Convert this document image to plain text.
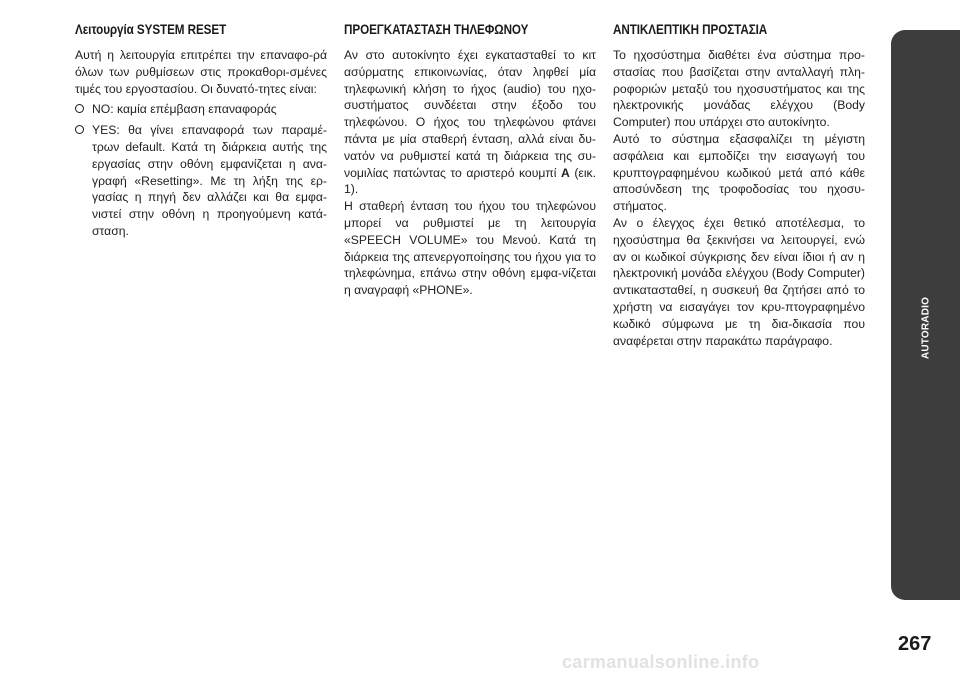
Λειτουργία SYSTEM RESET

Αυτή η λειτουργία επιτρέπει την επαναφο-ρά όλων των ρυθμίσεων στις προκαθορι-σμένες τιμές του εργοστασίου. Οι δυνατό-τητες είναι:

NO: καμία επέμβαση επαναφοράς
YES: θα γίνει επαναφορά των παραμέ-τρων default. Κατά τη διάρκεια αυτής της εργασίας στην οθόνη εμφανίζεται η ανα-γραφή «Resetting». Με τη λήξη της ερ-γασίας η πηγή δεν αλλάζει και θα εμφα-νιστεί στην οθόνη η προηγούμενη κατά-σταση.
ΠΡΟΕΓΚΑΤΑΣΤΑΣΗ ΤΗΛΕΦΩΝΟΥ

Αν στο αυτοκίνητο έχει εγκατασταθεί το κιτ ασύρματης επικοινωνίας, όταν ληφθεί μία τηλεφωνική κλήση το ήχος (audio) του ηχο-συστήματος συνδέεται στην έξοδο του τηλεφώνου. Ο ήχος του τηλεφώνου φτάνει πάντα με μία σταθερή ένταση, αλλά είναι δυ-νατόν να ρυθμιστεί κατά τη διάρκεια της συ-νομιλίας πατώντας το αριστερό κουμπί A (εικ. 1).

Η σταθερή ένταση του ήχου του τηλεφώνου μπορεί να ρυθμιστεί με τη λειτουργία «SPEECH VOLUME» του Μενού. Κατά τη διάρκεια της απενεργοποίησης του ήχου για το τηλεφώνημα, επάνω στην οθόνη εμφα-νίζεται η αναγραφή «PHONE».

ΑΝΤΙΚΛΕΠΤΙΚΗ ΠΡΟΣΤΑΣΙΑ

Το ηχοσύστημα διαθέτει ένα σύστημα προ-στασίας που βασίζεται στην ανταλλαγή πλη-ροφοριών μεταξύ του ηχοσυστήματος και της ηλεκτρονικής μονάδας ελέγχου (Body Computer) που υπάρχει στο αυτοκίνητο.

Αυτό το σύστημα εξασφαλίζει τη μέγιστη ασφάλεια και εμποδίζει την εισαγωγή του κρυπτογραφημένου κωδικού μετά από κάθε αποσύνδεση της τροφοδοσίας του ηχοσυ-στήματος.

Αν ο έλεγχος έχει θετικό αποτέλεσμα, το ηχοσύστημα θα ξεκινήσει να λειτουργεί, ενώ αν οι κωδικοί σύγκρισης δεν είναι ίδιοι ή αν η ηλεκτρονική μονάδα ελέγχου (Body Computer) αντικατασταθεί, η συσκευή θα ζητήσει από το χρήστη να εισαγάγει τον κρυ-πτογραφημένο κωδικό σύμφωνα με τη δια-δικασία που αναφέρεται στην παρακάτω παράγραφο.	AUTORADIO
267
carmanualsonline.info
